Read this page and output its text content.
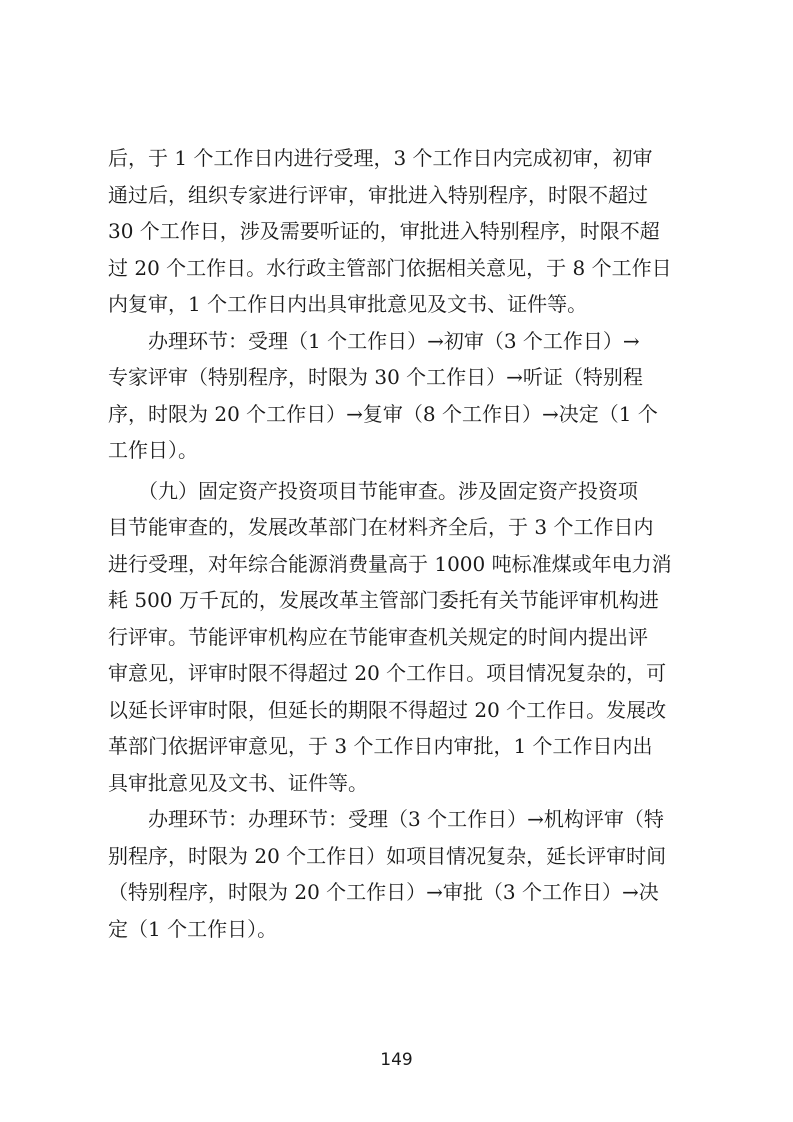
后，于 1 个工作日内进行受理，3 个工作日内完成初审，初审
通过后，组织专家进行评审，审批进入特别程序，时限不超过
30 个工作日，涉及需要听证的，审批进入特别程序，时限不超
过 20 个工作日。水行政主管部门依据相关意见，于 8 个工作日
内复审，1 个工作日内出具审批意见及文书、证件等。
　　办理环节：受理（1 个工作日）→初审（3 个工作日）→
专家评审（特别程序，时限为 30 个工作日）→听证（特别程
序，时限为 20 个工作日）→复审（8 个工作日）→决定（1 个
工作日）。
　　（九）固定资产投资项目节能审查。涉及固定资产投资项
目节能审查的，发展改革部门在材料齐全后，于 3 个工作日内
进行受理，对年综合能源消费量高于 1000 吨标准煤或年电力消
耗 500 万千瓦的，发展改革主管部门委托有关节能评审机构进
行评审。节能评审机构应在节能审查机关规定的时间内提出评
审意见，评审时限不得超过 20 个工作日。项目情况复杂的，可
以延长评审时限，但延长的期限不得超过 20 个工作日。发展改
革部门依据评审意见，于 3 个工作日内审批，1 个工作日内出
具审批意见及文书、证件等。
　　办理环节：办理环节：受理（3 个工作日）→机构评审（特
别程序，时限为 20 个工作日）如项目情况复杂，延长评审时间
（特别程序，时限为 20 个工作日）→审批（3 个工作日）→决
定（1 个工作日）。
149
